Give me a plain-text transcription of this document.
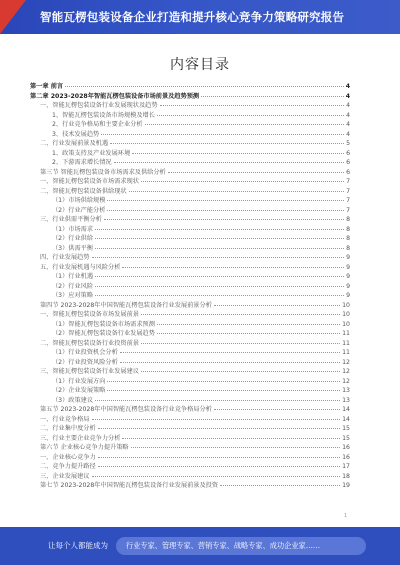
智能瓦楞包装设备企业打造和提升核心竞争力策略研究报告
内容目录
第一章 前言	4
第二章 2023-2028年智能瓦楞包装设备市场前景及趋势预测	4
一、智能瓦楞包装设备行业发展现状及趋势	4
1、智能瓦楞包装设备市场规模及增长	4
2、行业竞争格局和主要企业分析	4
3、技术发展趋势	4
二、行业发展前景及机遇	5
1、政策支持及产业发展环境	6
2、下游需求增长情况	6
第三节 智能瓦楞包装设备市场需求及供给分析	6
一、智能瓦楞包装设备市场需求现状	7
二、智能瓦楞包装设备供给现状	7
（1）市场供给规模	7
（2）行业产能分析	7
三、行业供需平衡分析	8
（1）市场需求	8
（2）行业供给	8
（3）供需平衡	8
四、行业发展趋势	9
五、行业发展机遇与风险分析	9
（1）行业机遇	9
（2）行业风险	9
（3）应对策略	9
第四节 2023-2028年中国智能瓦楞包装设备行业发展前景分析	10
一、智能瓦楞包装设备市场发展前景	10
（1）智能瓦楞包装设备市场需求预测	10
（2）智能瓦楞包装设备行业发展趋势	11
二、智能瓦楞包装设备行业投资前景	11
（1）行业投资机会分析	11
（2）行业投资风险分析	12
三、智能瓦楞包装设备行业发展建议	12
（1）行业发展方向	12
（2）企业发展策略	13
（3）政策建议	13
第五节 2023-2028年中国智能瓦楞包装设备行业竞争格局分析	14
一、行业竞争格局	14
二、行业集中度分析	15
三、行业主要企业竞争力分析	15
第六节 企业核心竞争力提升策略	16
一、企业核心竞争力	16
二、竞争力提升路径	17
三、企业发展建议	18
第七节 2023-2028年中国智能瓦楞包装设备行业发展前景及投资	19
1
让每个人都能成为	行业专家、管理专家、营销专家、战略专家、成功企业家……
